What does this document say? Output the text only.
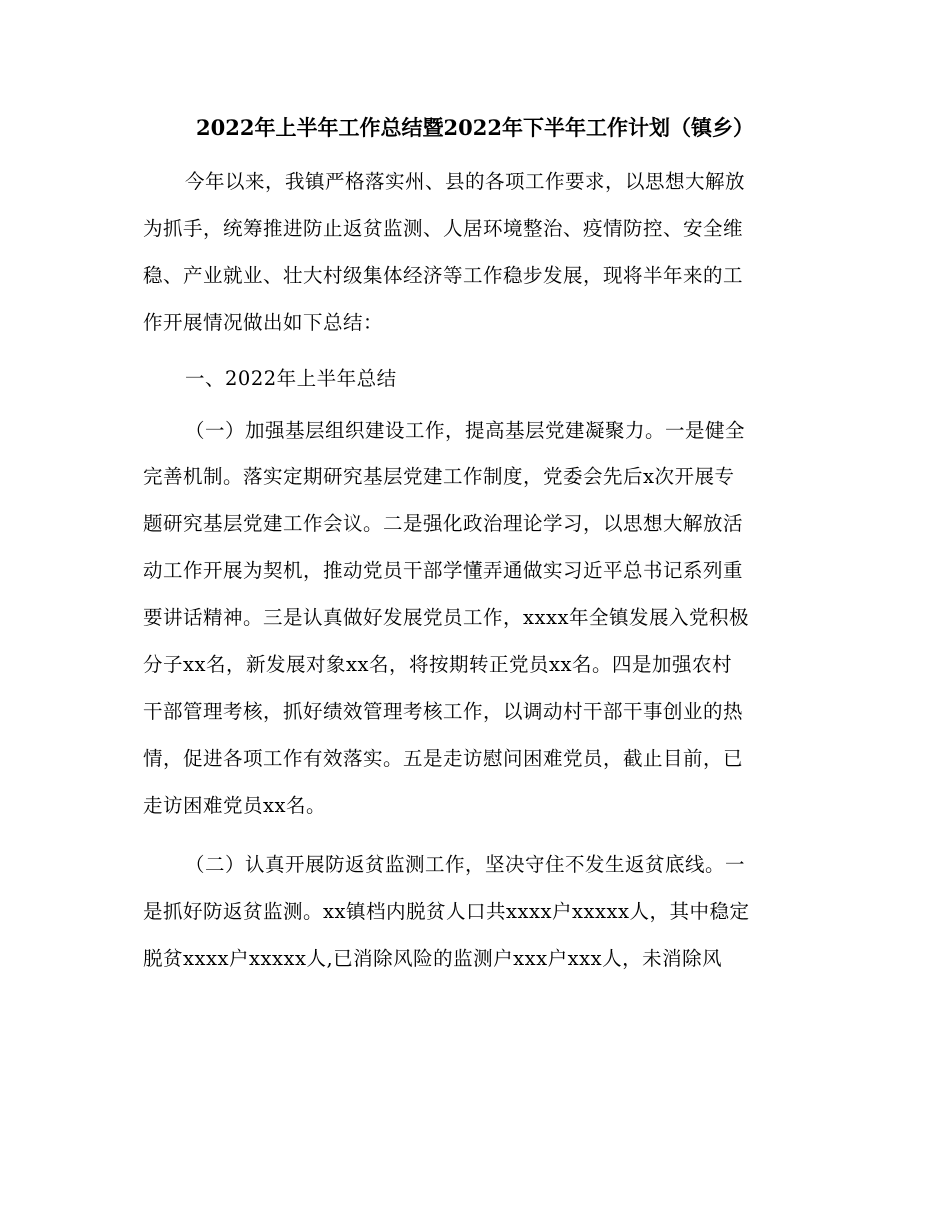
2022年上半年工作总结暨2022年下半年工作计划（镇乡）
今年以来，我镇严格落实州、县的各项工作要求，以思想大解放
为抓手，统筹推进防止返贫监测、人居环境整治、疫情防控、安全维
稳、产业就业、壮大村级集体经济等工作稳步发展，现将半年来的工
作开展情况做出如下总结：
一、2022年上半年总结
（一）加强基层组织建设工作，提高基层党建凝聚力。一是健全
完善机制。落实定期研究基层党建工作制度，党委会先后x次开展专
题研究基层党建工作会议。二是强化政治理论学习，以思想大解放活
动工作开展为契机，推动党员干部学懂弄通做实习近平总书记系列重
要讲话精神。三是认真做好发展党员工作，xxxx年全镇发展入党积极
分子xx名，新发展对象xx名，将按期转正党员xx名。四是加强农村
干部管理考核，抓好绩效管理考核工作，以调动村干部干事创业的热
情，促进各项工作有效落实。五是走访慰问困难党员，截止目前，已
走访困难党员xx名。
（二）认真开展防返贫监测工作，坚决守住不发生返贫底线。一
是抓好防返贫监测。xx镇档内脱贫人口共xxxx户xxxxx人，其中稳定
脱贫xxxx户xxxxx人,已消除风险的监测户xxx户xxx人，未消除风
